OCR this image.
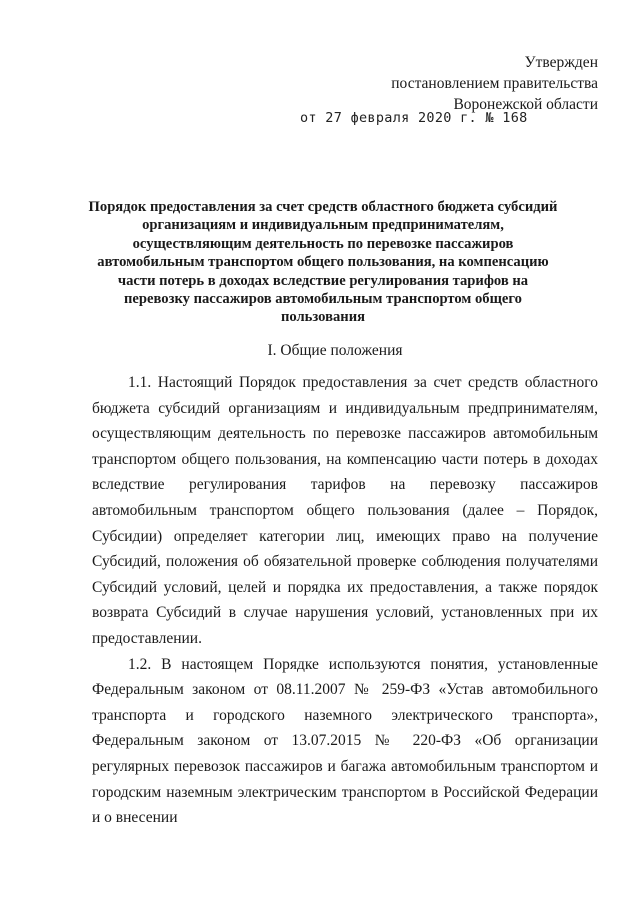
Утвержден
постановлением правительства
Воронежской области
от 27 февраля 2020 г. № 168
Порядок предоставления за счет средств областного бюджета субсидий организациям и индивидуальным предпринимателям, осуществляющим деятельность по перевозке пассажиров автомобильным транспортом общего пользования, на компенсацию части потерь в доходах вследствие регулирования тарифов на перевозку пассажиров автомобильным транспортом общего пользования
I. Общие положения

1.1. Настоящий Порядок предоставления за счет средств областного бюджета субсидий организациям и индивидуальным предпринимателям, осуществляющим деятельность по перевозке пассажиров автомобильным транспортом общего пользования, на компенсацию части потерь в доходах вследствие регулирования тарифов на перевозку пассажиров автомобильным транспортом общего пользования (далее – Порядок, Субсидии) определяет категории лиц, имеющих право на получение Субсидий, положения об обязательной проверке соблюдения получателями Субсидий условий, целей и порядка их предоставления, а также порядок возврата Субсидий в случае нарушения условий, установленных при их предоставлении.

1.2. В настоящем Порядке используются понятия, установленные Федеральным законом от 08.11.2007 № 259-ФЗ «Устав автомобильного транспорта и городского наземного электрического транспорта», Федеральным законом от 13.07.2015 № 220-ФЗ «Об организации регулярных перевозок пассажиров и багажа автомобильным транспортом и городским наземным электрическим транспортом в Российской Федерации и о внесении
